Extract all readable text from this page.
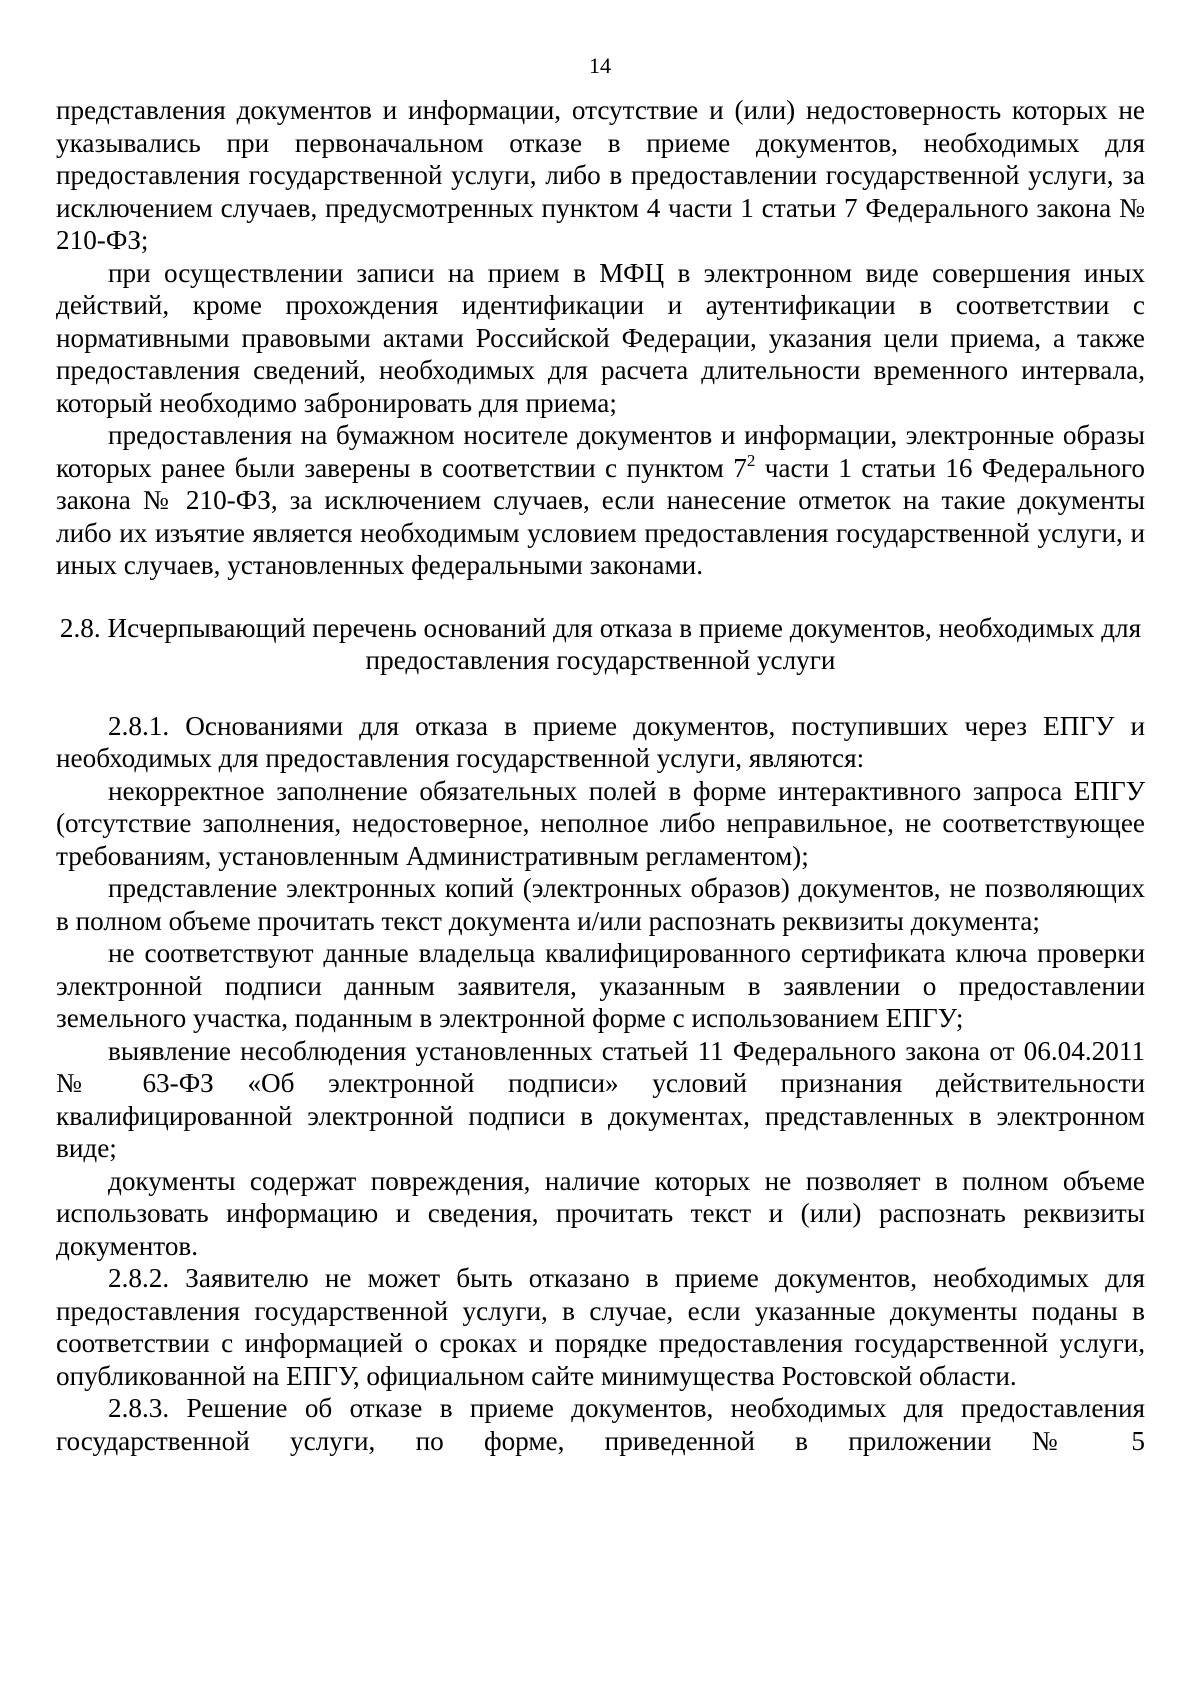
14

представления документов и информации, отсутствие и (или) недостоверность которых не указывались при первоначальном отказе в приеме документов, необходимых для предоставления государственной услуги, либо в предоставлении государственной услуги, за исключением случаев, предусмотренных пунктом 4 части 1 статьи 7 Федерального закона № 210-ФЗ;

при осуществлении записи на прием в МФЦ в электронном виде совершения иных действий, кроме прохождения идентификации и аутентификации в соответствии с нормативными правовыми актами Российской Федерации, указания цели приема, а также предоставления сведений, необходимых для расчета длительности временного интервала, который необходимо забронировать для приема;

предоставления на бумажном носителе документов и информации, электронные образы которых ранее были заверены в соответствии с пунктом $7^2$ части 1 статьи 16 Федерального закона № 210-ФЗ, за исключением случаев, если нанесение отметок на такие документы либо их изъятие является необходимым условием предоставления государственной услуги, и иных случаев, установленных федеральными законами.

2.8. Исчерпывающий перечень оснований для отказа в приеме документов, необходимых для предоставления государственной услуги

2.8.1. Основаниями для отказа в приеме документов, поступивших через ЕПГУ и необходимых для предоставления государственной услуги, являются:

некорректное заполнение обязательных полей в форме интерактивного запроса ЕПГУ (отсутствие заполнения, недостоверное, неполное либо неправильное, не соответствующее требованиям, установленным Административным регламентом);

представление электронных копий (электронных образов) документов, не позволяющих в полном объеме прочитать текст документа и/или распознать реквизиты документа;

не соответствуют данные владельца квалифицированного сертификата ключа проверки электронной подписи данным заявителя, указанным в заявлении о предоставлении земельного участка, поданным в электронной форме с использованием ЕПГУ;

выявление несоблюдения установленных статьей 11 Федерального закона от 06.04.2011 № 63-ФЗ «Об электронной подписи» условий признания действительности квалифицированной электронной подписи в документах, представленных в электронном виде;

документы содержат повреждения, наличие которых не позволяет в полном объеме использовать информацию и сведения, прочитать текст и (или) распознать реквизиты документов.

2.8.2. Заявителю не может быть отказано в приеме документов, необходимых для предоставления государственной услуги, в случае, если указанные документы поданы в соответствии с информацией о сроках и порядке предоставления государственной услуги, опубликованной на ЕПГУ, официальном сайте минимущества Ростовской области.

2.8.3. Решение об отказе в приеме документов, необходимых для предоставления государственной услуги, по форме, приведенной в приложении № 5
